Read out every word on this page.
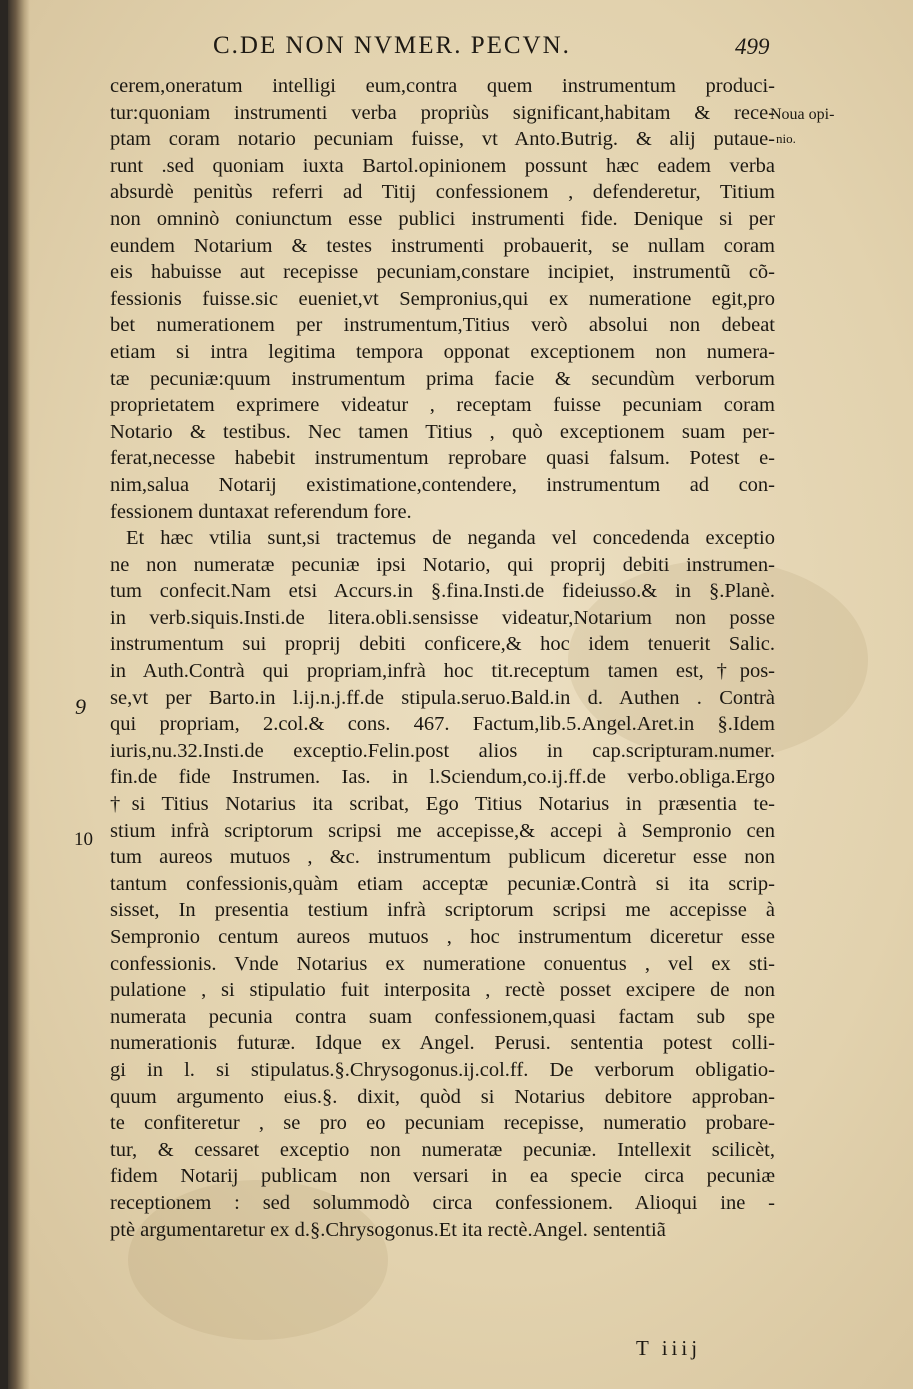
C.DE NON NVMER. PECVN.	499
Noua opi-
nio.
9
10
cerem,oneratum intelligi eum,contra quem instrumentum produci-
tur:quoniam instrumenti verba propriùs significant,habitam & rece-
ptam coram notario pecuniam fuisse, vt Anto.Butrig. & alij putaue-
runt .sed quoniam iuxta Bartol.opinionem possunt hæc eadem verba
absurdè penitùs referri ad Titij confessionem , defenderetur, Titium
non omninò coniunctum esse publici instrumenti fide. Denique si per
eundem Notarium & testes instrumenti probauerit, se nullam coram
eis habuisse aut recepisse pecuniam,constare incipiet, instrumentũ cõ-
fessionis fuisse.sic eueniet,vt Sempronius,qui ex numeratione egit,pro
bet numerationem per instrumentum,Titius verò absolui non debeat
etiam si intra legitima tempora opponat exceptionem non numera-
tæ pecuniæ:quum instrumentum prima facie & secundùm verborum
proprietatem exprimere videatur , receptam fuisse pecuniam coram
Notario & testibus. Nec tamen Titius , quò exceptionem suam per-
ferat,necesse habebit instrumentum reprobare quasi falsum. Potest e-
nim,salua Notarij existimatione,contendere, instrumentum ad con-
fessionem duntaxat referendum fore.
Et hæc vtilia sunt,si tractemus de neganda vel concedenda exceptio
ne non numeratæ pecuniæ ipsi Notario, qui proprij debiti instrumen-
tum confecit.Nam etsi Accurs.in §.fina.Insti.de fideiusso.& in §.Planè.
in verb.siquis.Insti.de litera.obli.sensisse videatur,Notarium non posse
instrumentum sui proprij debiti conficere,& hoc idem tenuerit Salic.
in Auth.Contrà qui propriam,infrà hoc tit.receptum tamen est,†pos-
se,vt per Barto.in l.ij.n.j.ff.de stipula.seruo.Bald.in d. Authen . Contrà
qui propriam, 2.col.& cons. 467. Factum,lib.5.Angel.Aret.in §.Idem
iuris,nu.32.Insti.de exceptio.Felin.post alios in cap.scripturam.numer.
fin.de fide Instrumen. Ias. in l.Sciendum,co.ij.ff.de verbo.obliga.Ergo
†si Titius Notarius ita scribat, Ego Titius Notarius in præsentia te-
stium infrà scriptorum scripsi me accepisse,& accepi à Sempronio cen
tum aureos mutuos , &c. instrumentum publicum diceretur esse non
tantum confessionis,quàm etiam acceptæ pecuniæ.Contrà si ita scrip-
sisset, In presentia testium infrà scriptorum scripsi me accepisse à
Sempronio centum aureos mutuos , hoc instrumentum diceretur esse
confessionis. Vnde Notarius ex numeratione conuentus , vel ex sti-
pulatione , si stipulatio fuit interposita , rectè posset excipere de non
numerata pecunia contra suam confessionem,quasi factam sub spe
numerationis futuræ. Idque ex Angel. Perusi. sententia potest colli-
gi in l. si stipulatus.§.Chrysogonus.ij.col.ff. De verborum obligatio-
quum argumento eius.§. dixit, quòd si Notarius debitore approban-
te confiteretur , se pro eo pecuniam recepisse, numeratio probare-
tur, & cessaret exceptio non numeratæ pecuniæ. Intellexit scilicèt,
fidem Notarij publicam non versari in ea specie circa pecuniæ
receptionem : sed solummodò circa confessionem. Alioqui ine -
ptè argumentaretur ex d.§.Chrysogonus.Et ita rectè.Angel. sententiã
T iiij
